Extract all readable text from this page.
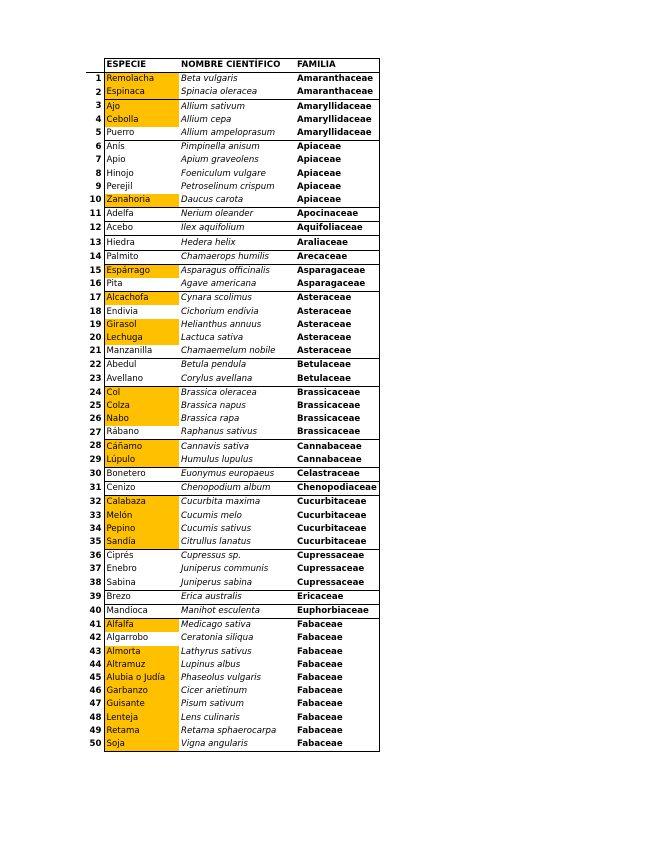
	ESPECIE	NOMBRE CIENTÍFICO	FAMILIA
1	Remolacha	Beta vulgaris	Amaranthaceae
2	Espinaca	Spinacia oleracea	Amaranthaceae
3	Ajo	Allium sativum	Amaryllidaceae
4	Cebolla	Allium cepa	Amaryllidaceae
5	Puerro	Allium ampeloprasum	Amaryllidaceae
6	Anís	Pimpinella anisum	Apiaceae
7	Apio	Apium graveolens	Apiaceae
8	Hinojo	Foeniculum vulgare	Apiaceae
9	Perejil	Petroselinum crispum	Apiaceae
10	Zanahoria	Daucus carota	Apiaceae
11	Adelfa	Nerium oleander	Apocinaceae
12	Acebo	Ilex aquifolium	Aquifoliaceae
13	Hiedra	Hedera helix	Araliaceae
14	Palmito	Chamaerops humilis	Arecaceae
15	Espárrago	Asparagus officinalis	Asparagaceae
16	Pita	Agave americana	Asparagaceae
17	Alcachofa	Cynara scolimus	Asteraceae
18	Endivia	Cichorium endivia	Asteraceae
19	Girasol	Helianthus annuus	Asteraceae
20	Lechuga	Lactuca sativa	Asteraceae
21	Manzanilla	Chamaemelum nobile	Asteraceae
22	Abedul	Betula pendula	Betulaceae
23	Avellano	Corylus avellana	Betulaceae
24	Col	Brassica oleracea	Brassicaceae
25	Colza	Brassica napus	Brassicaceae
26	Nabo	Brassica rapa	Brassicaceae
27	Rábano	Raphanus sativus	Brassicaceae
28	Cáñamo	Cannavis sativa	Cannabaceae
29	Lúpulo	Humulus lupulus	Cannabaceae
30	Bonetero	Euonymus europaeus	Celastraceae
31	Cenizo	Chenopodium album	Chenopodiaceae
32	Calabaza	Cucurbita maxima	Cucurbitaceae
33	Melón	Cucumis melo	Cucurbitaceae
34	Pepino	Cucumis sativus	Cucurbitaceae
35	Sandía	Citrullus lanatus	Cucurbitaceae
36	Ciprés	Cupressus sp.	Cupressaceae
37	Enebro	Juniperus communis	Cupressaceae
38	Sabina	Juniperus sabina	Cupressaceae
39	Brezo	Erica australis	Ericaceae
40	Mandioca	Manihot esculenta	Euphorbiaceae
41	Alfalfa	Medicago sativa	Fabaceae
42	Algarrobo	Ceratonia siliqua	Fabaceae
43	Almorta	Lathyrus sativus	Fabaceae
44	Altramuz	Lupinus albus	Fabaceae
45	Alubia o Judía	Phaseolus vulgaris	Fabaceae
46	Garbanzo	Cicer arietinum	Fabaceae
47	Guisante	Pisum sativum	Fabaceae
48	Lenteja	Lens culinaris	Fabaceae
49	Retama	Retama sphaerocarpa	Fabaceae
50	Soja	Vigna angularis	Fabaceae
